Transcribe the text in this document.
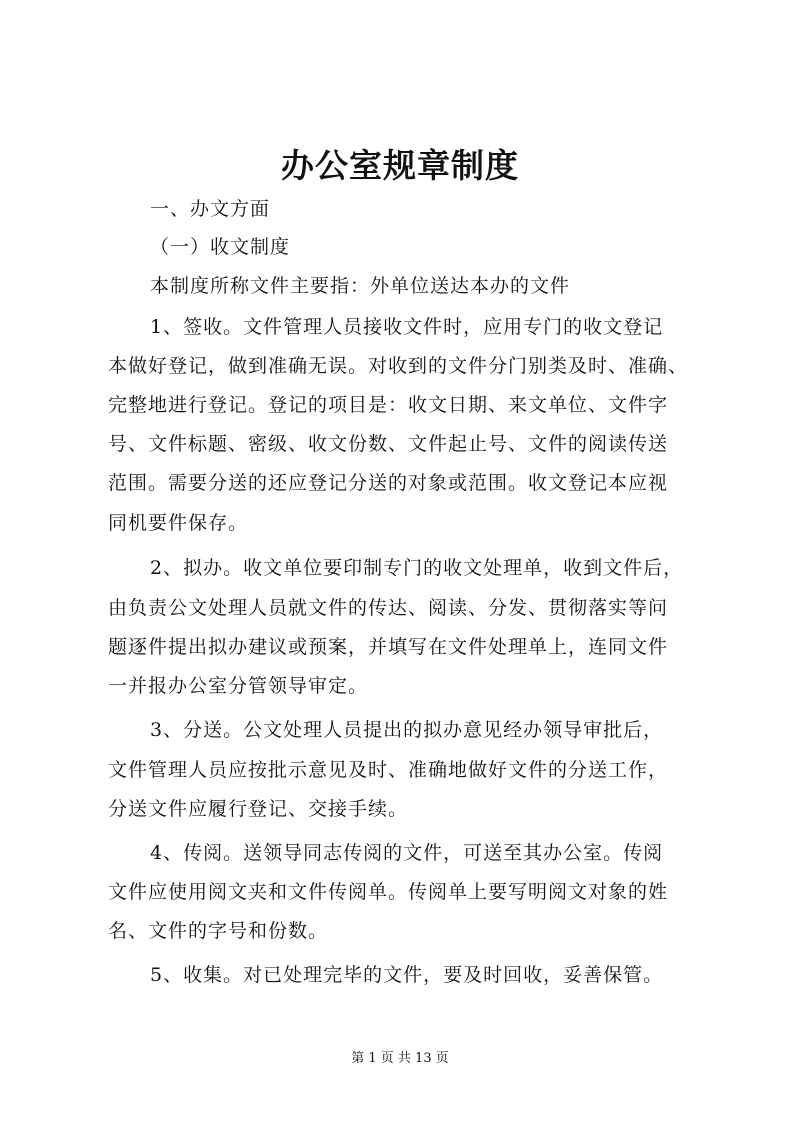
办公室规章制度
一、办文方面
（一）收文制度
本制度所称文件主要指：外单位送达本办的文件
1、签收。文件管理人员接收文件时，应用专门的收文登记
本做好登记，做到准确无误。对收到的文件分门别类及时、准确、
完整地进行登记。登记的项目是：收文日期、来文单位、文件字
号、文件标题、密级、收文份数、文件起止号、文件的阅读传送
范围。需要分送的还应登记分送的对象或范围。收文登记本应视
同机要件保存。
2、拟办。收文单位要印制专门的收文处理单，收到文件后，
由负责公文处理人员就文件的传达、阅读、分发、贯彻落实等问
题逐件提出拟办建议或预案，并填写在文件处理单上，连同文件
一并报办公室分管领导审定。
3、分送。公文处理人员提出的拟办意见经办领导审批后，
文件管理人员应按批示意见及时、准确地做好文件的分送工作，
分送文件应履行登记、交接手续。
4、传阅。送领导同志传阅的文件，可送至其办公室。传阅
文件应使用阅文夹和文件传阅单。传阅单上要写明阅文对象的姓
名、文件的字号和份数。
5、收集。对已处理完毕的文件，要及时回收，妥善保管。
第 1 页 共 13 页
